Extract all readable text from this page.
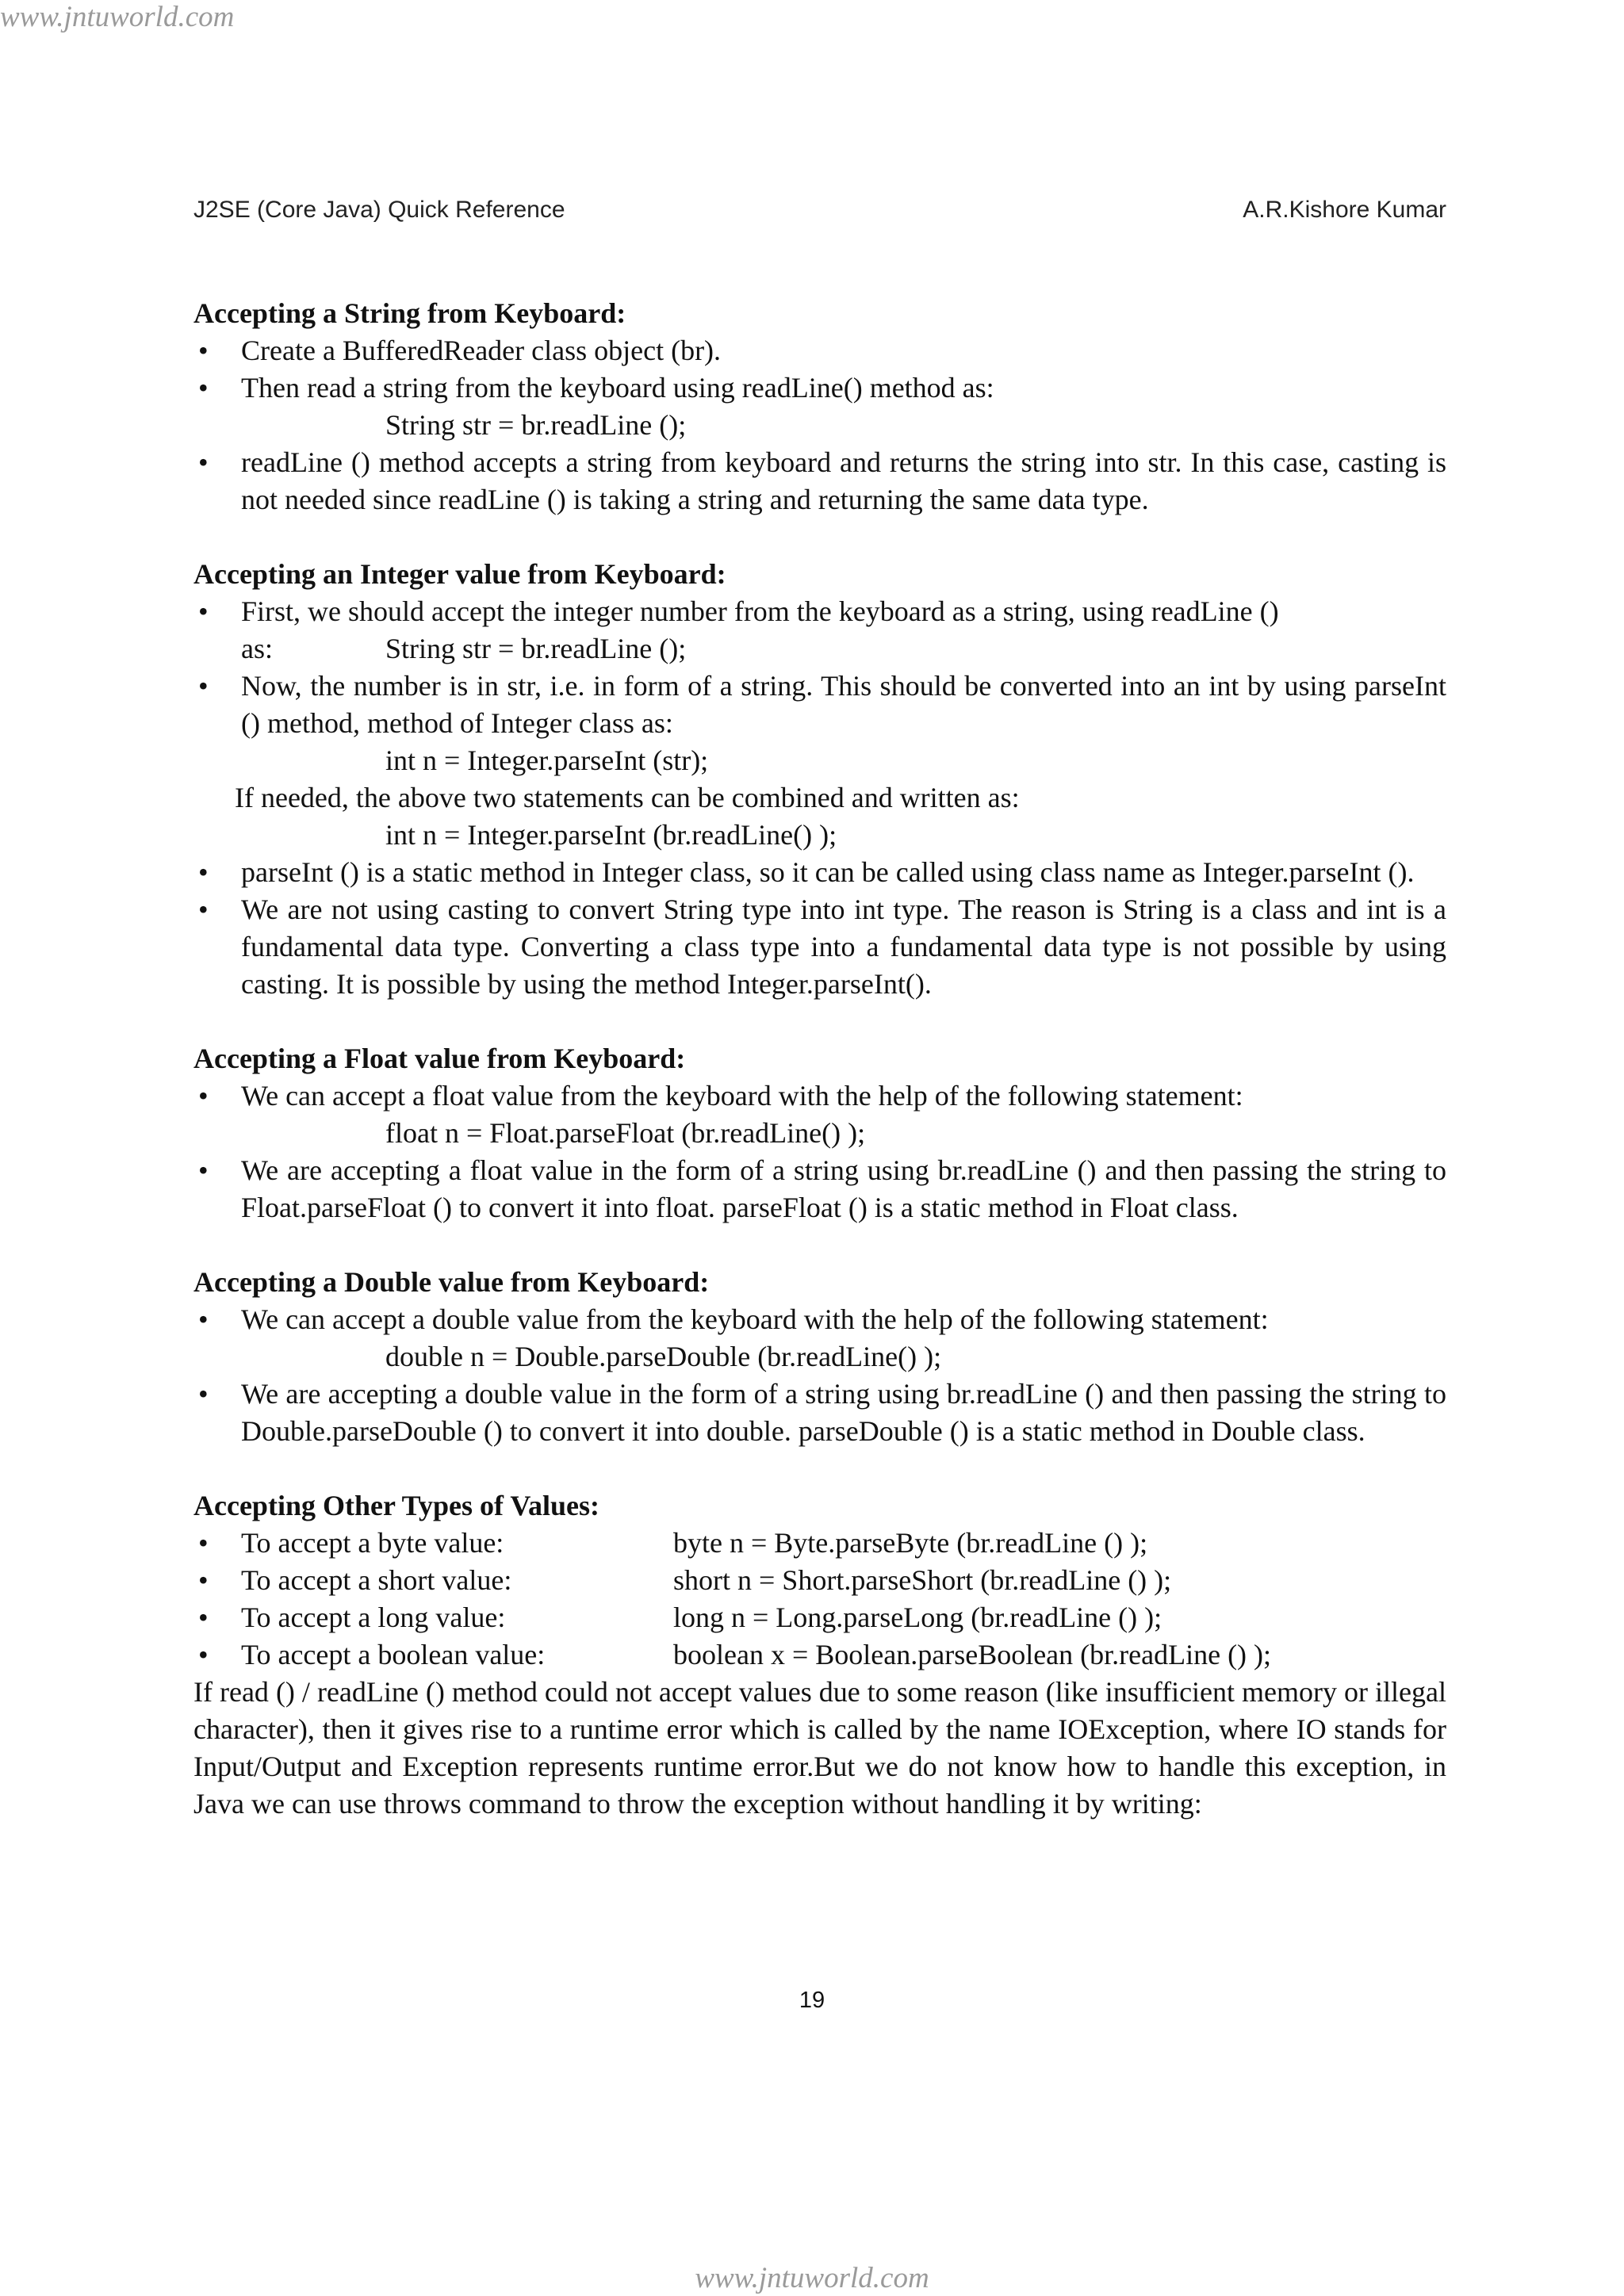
www.jntuworld.com
J2SE (Core Java) Quick Reference	A.R.Kishore Kumar
Accepting a String from Keyboard:
• Create a BufferedReader class object (br).
• Then read a string from the keyboard using readLine() method as:
String str = br.readLine ();
• readLine () method accepts a string from keyboard and returns the string into str. In this case, casting is not needed since readLine () is taking a string and returning the same data type.
Accepting an Integer value from Keyboard:
• First, we should accept the integer number from the keyboard as a string, using readLine ()
as:	String str = br.readLine ();
• Now, the number is in str, i.e. in form of a string. This should be converted into an int by using parseInt () method, method of Integer class as:
int n = Integer.parseInt (str);
If needed, the above two statements can be combined and written as:
int n = Integer.parseInt (br.readLine() );
• parseInt () is a static method in Integer class, so it can be called using class name as Integer.parseInt ().
• We are not using casting to convert String type into int type. The reason is String is a class and int is a fundamental data type. Converting a class type into a fundamental data type is not possible by using casting. It is possible by using the method Integer.parseInt().
Accepting a Float value from Keyboard:
• We can accept a float value from the keyboard with the help of the following statement:
float n = Float.parseFloat (br.readLine() );
• We are accepting a float value in the form of a string using br.readLine () and then passing the string to Float.parseFloat () to convert it into float. parseFloat () is a static method in Float class.
Accepting a Double value from Keyboard:
• We can accept a double value from the keyboard with the help of the following statement:
double n = Double.parseDouble (br.readLine() );
• We are accepting a double value in the form of a string using br.readLine () and then passing the string to Double.parseDouble () to convert it into double. parseDouble () is a static method in Double class.
Accepting Other Types of Values:
• To accept a byte value:	byte n = Byte.parseByte (br.readLine () );
• To accept a short value:	short n = Short.parseShort (br.readLine () );
• To accept a long value:	long n = Long.parseLong (br.readLine () );
• To accept a boolean value:	boolean x = Boolean.parseBoolean (br.readLine () );
If read () / readLine () method could not accept values due to some reason (like insufficient memory or illegal character), then it gives rise to a runtime error which is called by the name IOException, where IO stands for Input/Output and Exception represents runtime error.But we do not know how to handle this exception, in Java we can use throws command to throw the exception without handling it by writing:
19
www.jntuworld.com
